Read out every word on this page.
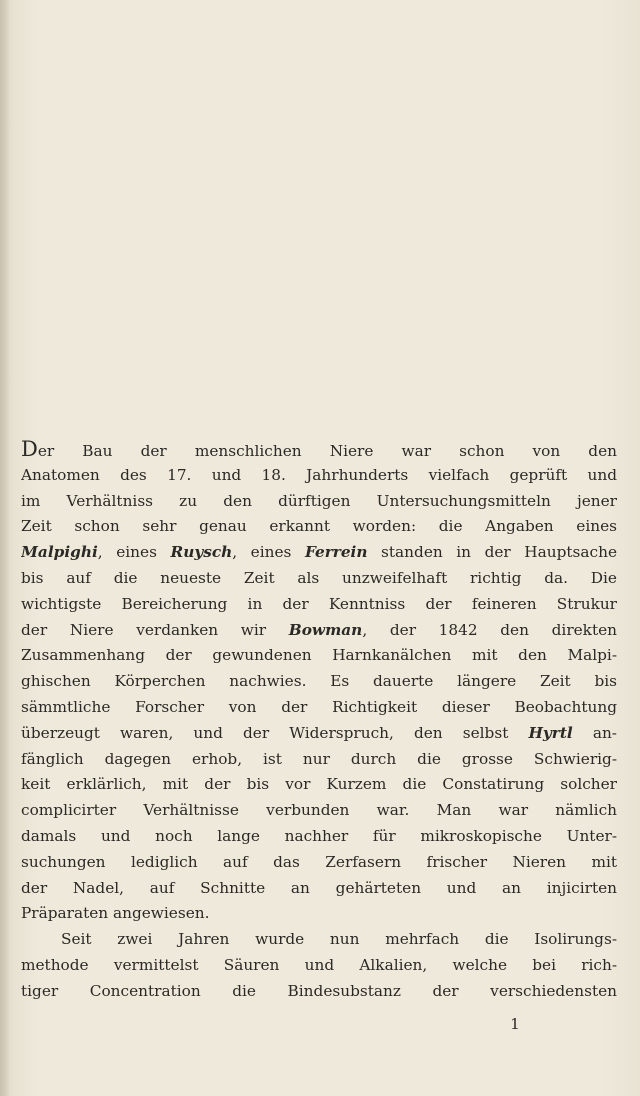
Der Bau der menschlichen Niere war schon von den
Anatomen des 17. und 18. Jahrhunderts vielfach geprüft und
im Verhältniss zu den dürftigen Untersuchungsmitteln jener
Zeit schon sehr genau erkannt worden: die Angaben eines
Malpighi, eines Ruysch, eines Ferrein standen in der Hauptsache
bis auf die neueste Zeit als unzweifelhaft richtig da. Die
wichtigste Bereicherung in der Kenntniss der feineren Strukur
der Niere verdanken wir Bowman, der 1842 den direkten
Zusammenhang der gewundenen Harnkanälchen mit den Malpi-
ghischen Körperchen nachwies. Es dauerte längere Zeit bis
sämmtliche Forscher von der Richtigkeit dieser Beobachtung
überzeugt waren, und der Widerspruch, den selbst Hyrtl an-
fänglich dagegen erhob, ist nur durch die grosse Schwierig-
keit erklärlich, mit der bis vor Kurzem die Constatirung solcher
complicirter Verhältnisse verbunden war. Man war nämlich
damals und noch lange nachher für mikroskopische Unter-
suchungen lediglich auf das Zerfasern frischer Nieren mit
der Nadel, auf Schnitte an gehärteten und an injicirten
Präparaten angewiesen.
Seit zwei Jahren wurde nun mehrfach die Isolirungs-
methode vermittelst Säuren und Alkalien, welche bei rich-
tiger Concentration die Bindesubstanz der verschiedensten
1
